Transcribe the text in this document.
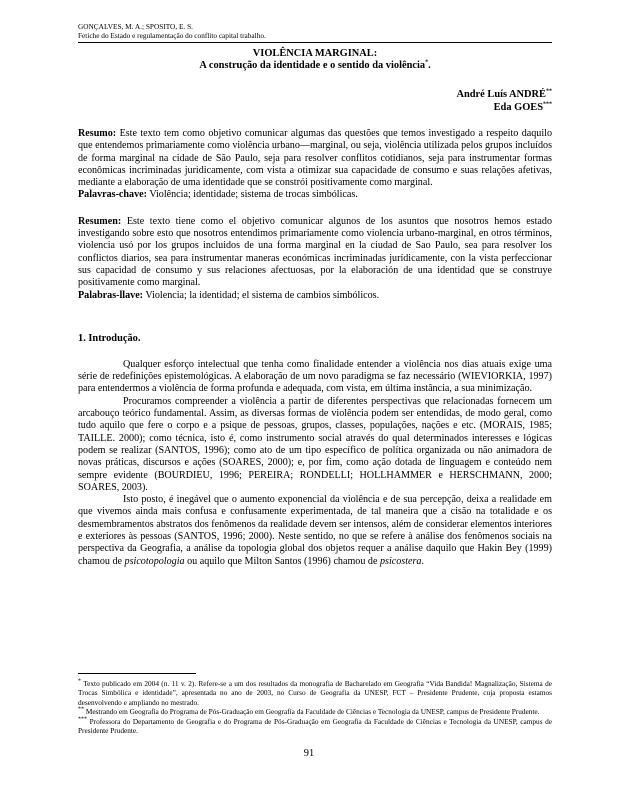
GONÇALVES, M. A.; SPOSITO, E. S.
Fetiche do Estado e regulamentação do conflito capital trabalho.
VIOLÊNCIA MARGINAL:
A construção da identidade e o sentido da violência*.
André Luís ANDRÉ**
Eda GOES***
Resumo: Este texto tem como objetivo comunicar algumas das questões que temos investigado a respeito daquilo que entendemos primariamente como violência urbano—marginal, ou seja, violência utilizada pelos grupos incluídos de forma marginal na cidade de São Paulo, seja para resolver conflitos cotidianos, seja para instrumentar formas econômicas incriminadas juridicamente, com vista a otimizar sua capacidade de consumo e suas relações afetivas, mediante a elaboração de uma identidade que se constrói positivamente como marginal.
Palavras-chave: Violência; identidade; sistema de trocas simbólicas.
Resumen: Este texto tiene como el objetivo comunicar algunos de los asuntos que nosotros hemos estado investigando sobre esto que nosotros entendimos primariamente como violencia urbano-marginal, en otros términos, violencia usó por los grupos incluidos de una forma marginal en la ciudad de Sao Paulo, sea para resolver los conflictos diarios, sea para instrumentar maneras económicas incriminadas jurídicamente, con la vista perfeccionar sus capacidad de consumo y sus relaciones afectuosas, por la elaboración de una identidad que se construye positivamente como marginal.
Palabras-llave: Violencia; la identidad; el sistema de cambios simbólicos.
1. Introdução.

Qualquer esforço intelectual que tenha como finalidade entender a violência nos dias atuais exige uma série de redefinições epistemológicas. A elaboração de um novo paradigma se faz necessário (WIEVIORKIA, 1997) para entendermos a violência de forma profunda e adequada, com vista, em última instância, a sua minimização.

Procuramos compreender a violência a partir de diferentes perspectivas que relacionadas fornecem um arcabouço teórico fundamental. Assim, as diversas formas de violência podem ser entendidas, de modo geral, como tudo aquilo que fere o corpo e a psique de pessoas, grupos, classes, populações, nações e etc. (MORAIS, 1985; TAILLE. 2000); como técnica, isto é, como instrumento social através do qual determinados interesses e lógicas podem se realizar (SANTOS, 1996); como ato de um tipo específico de política organizada ou não animadora de novas práticas, discursos e ações (SOARES, 2000); e, por fim, como ação dotada de linguagem e conteúdo nem sempre evidente (BOURDIEU, 1996; PEREIRA; RONDELLI; HOLLHAMMER e HERSCHMANN, 2000; SOARES, 2003).

Isto posto, é inegável que o aumento exponencial da violência e de sua percepção, deixa a realidade em que vivemos ainda mais confusa e confusamente experimentada, de tal maneira que a cisão na totalidade e os desmembramentos abstratos dos fenômenos da realidade devem ser intensos, além de considerar elementos interiores e exteriores às pessoas (SANTOS, 1996; 2000). Neste sentido, no que se refere à análise dos fenômenos sociais na perspectiva da Geografia, a análise da topologia global dos objetos requer a análise daquilo que Hakin Bey (1999) chamou de psicotopologia ou aquilo que Milton Santos (1996) chamou de psicostera.

* Texto publicado em 2004 (n. 11 v. 2). Refere-se a um dos resultados da monografia de Bacharelado em Geografia “Vida Bandida! Magnalização, Sistema de Trocas Simbólica e identidade”, apresentada no ano de 2003, no Curso de Geografia da UNESP, FCT – Presidente Prudente, cuja proposta estamos desenvolvendo e ampliando no mestrado.

** Mestrando em Geografia do Programa de Pós-Graduação em Geografia da Faculdade de Ciências e Tecnologia da UNESP, campus de Presidente Prudente.

*** Professora do Departamento de Geografia e do Programa de Pós-Graduação em Geografia da Faculdade de Ciências e Tecnologia da UNESP, campus de Presidente Prudente.

91
